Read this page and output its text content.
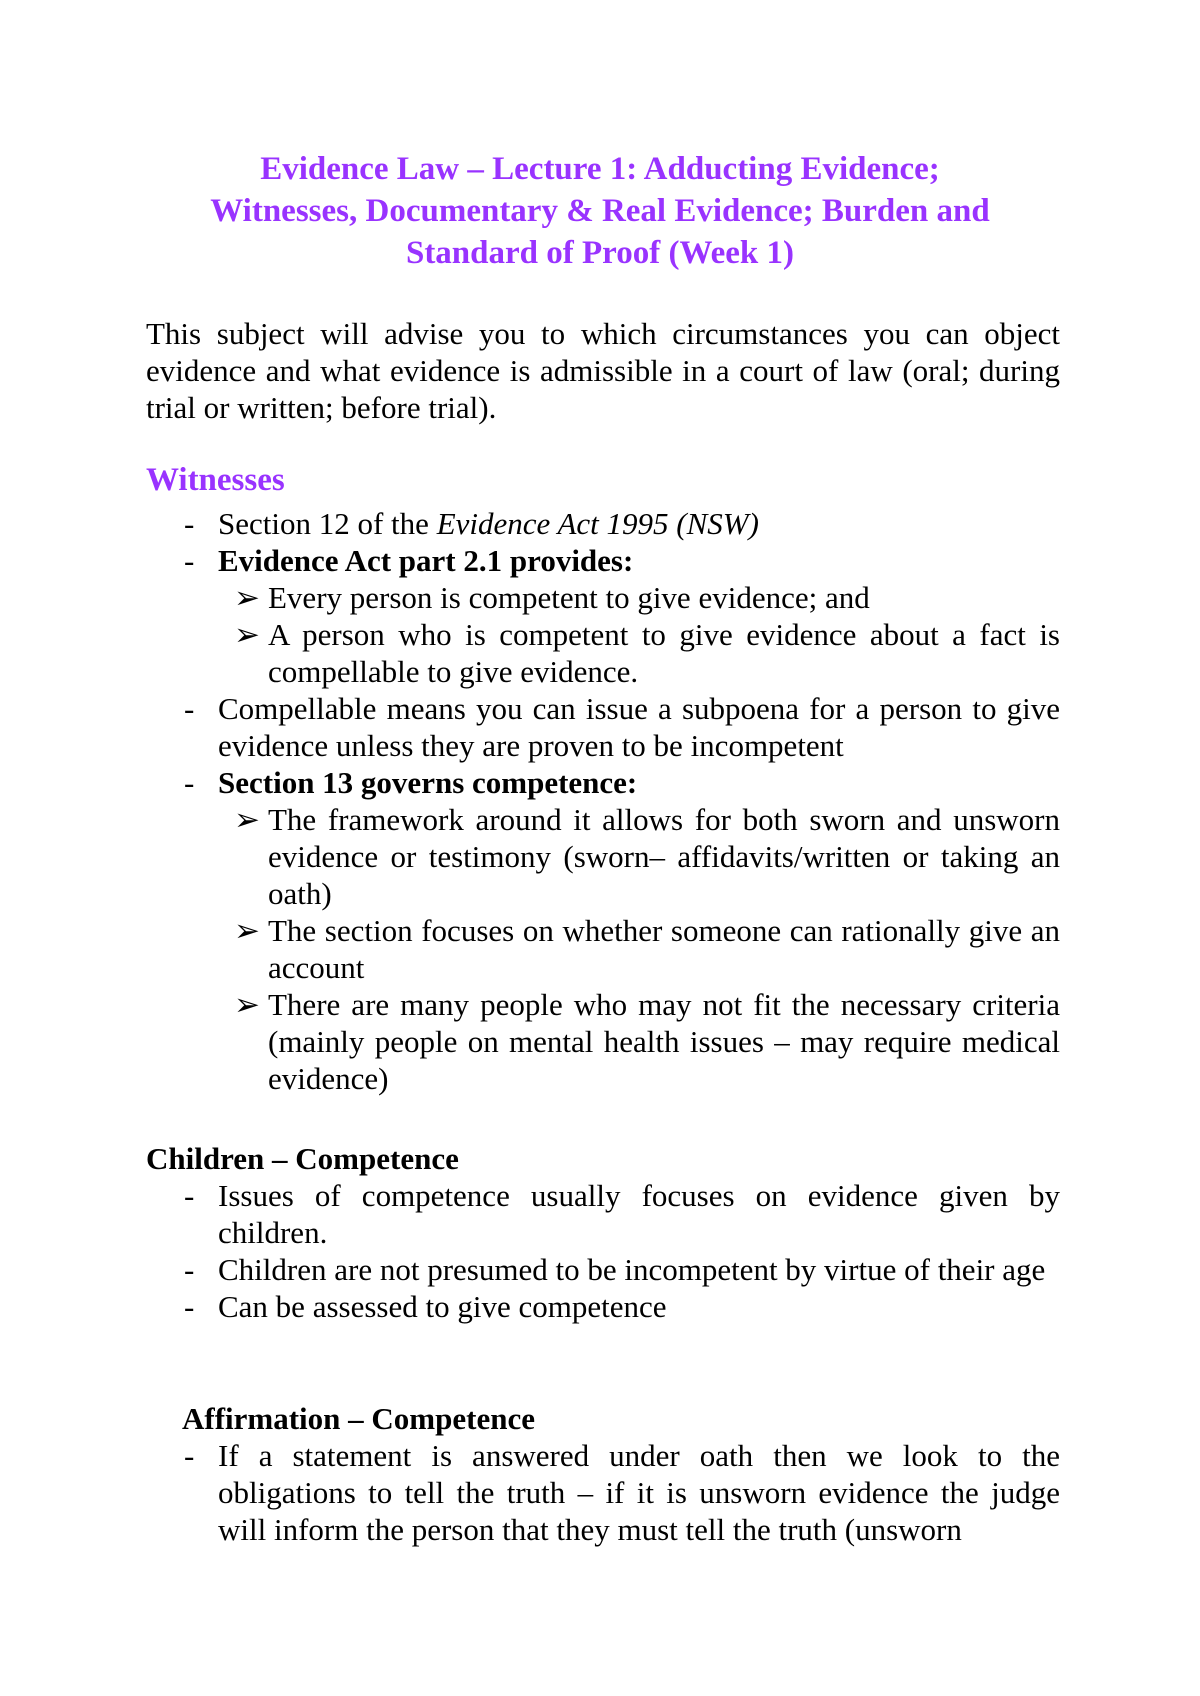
Evidence Law – Lecture 1: Adducting Evidence;
Witnesses, Documentary & Real Evidence; Burden and
Standard of Proof (Week 1)

This subject will advise you to which circumstances you can object evidence and what evidence is admissible in a court of law (oral; during trial or written; before trial).

Witnesses
- Section 12 of the Evidence Act 1995 (NSW)
- Evidence Act part 2.1 provides:
➢ Every person is competent to give evidence; and
➢ A person who is competent to give evidence about a fact is compellable to give evidence.
- Compellable means you can issue a subpoena for a person to give evidence unless they are proven to be incompetent
- Section 13 governs competence:
➢ The framework around it allows for both sworn and unsworn evidence or testimony (sworn– affidavits/written or taking an oath)
➢ The section focuses on whether someone can rationally give an account
➢ There are many people who may not fit the necessary criteria (mainly people on mental health issues – may require medical evidence)
Children – Competence
- Issues of competence usually focuses on evidence given by children.
- Children are not presumed to be incompetent by virtue of their age
- Can be assessed to give competence
Affirmation – Competence
- If a statement is answered under oath then we look to the obligations to tell the truth – if it is unsworn evidence the judge will inform the person that they must tell the truth (unsworn
